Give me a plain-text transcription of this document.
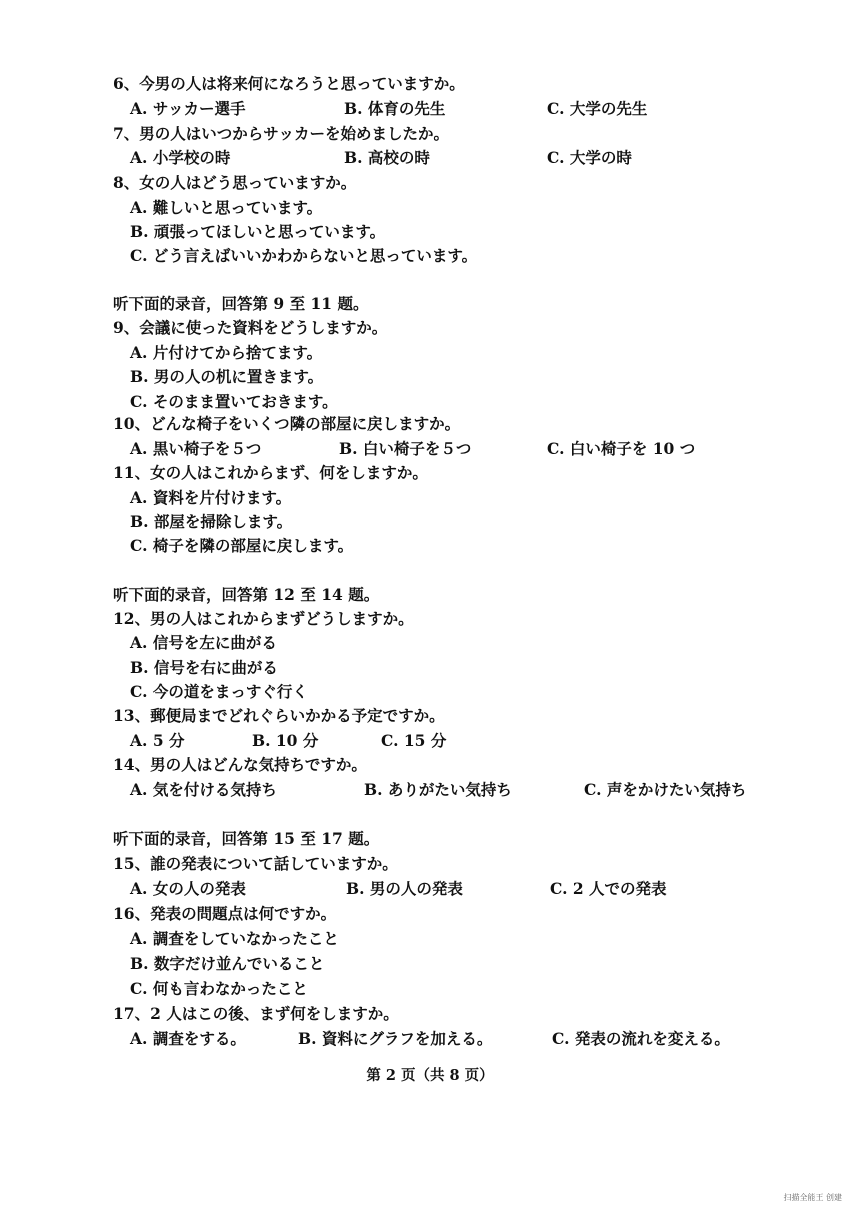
6、今男の人は将来何になろうと思っていますか。
A. サッカー選手	B. 体育の先生	C. 大学の先生
7、男の人はいつからサッカーを始めましたか。
A. 小学校の時	B. 高校の時	C. 大学の時
8、女の人はどう思っていますか。
A. 難しいと思っています。
B. 頑張ってほしいと思っています。
C. どう言えばいいかわからないと思っています。
听下面的录音，回答第 9 至 11 题。
9、会議に使った資料をどうしますか。
A. 片付けてから捨てます。
B. 男の人の机に置きます。
C. そのまま置いておきます。
10、どんな椅子をいくつ隣の部屋に戻しますか。
A. 黒い椅子を５つ	B. 白い椅子を５つ	C. 白い椅子を 10 つ
11、女の人はこれからまず、何をしますか。
A. 資料を片付けます。
B. 部屋を掃除します。
C. 椅子を隣の部屋に戻します。
听下面的录音，回答第 12 至 14 题。
12、男の人はこれからまずどうしますか。
A. 信号を左に曲がる
B. 信号を右に曲がる
C. 今の道をまっすぐ行く
13、郵便局までどれぐらいかかる予定ですか。
A. 5 分	B. 10 分	C. 15 分
14、男の人はどんな気持ちですか。
A. 気を付ける気持ち	B. ありがたい気持ち	C. 声をかけたい気持ち
听下面的录音，回答第 15 至 17 题。
15、誰の発表について話していますか。
A. 女の人の発表	B. 男の人の発表	C. 2 人での発表
16、発表の問題点は何ですか。
A. 調査をしていなかったこと
B. 数字だけ並んでいること
C. 何も言わなかったこと
17、2 人はこの後、まず何をしますか。
A. 調査をする。	B. 資料にグラフを加える。	C. 発表の流れを変える。
第 2 页（共 8 页）
扫描全能王 创建
